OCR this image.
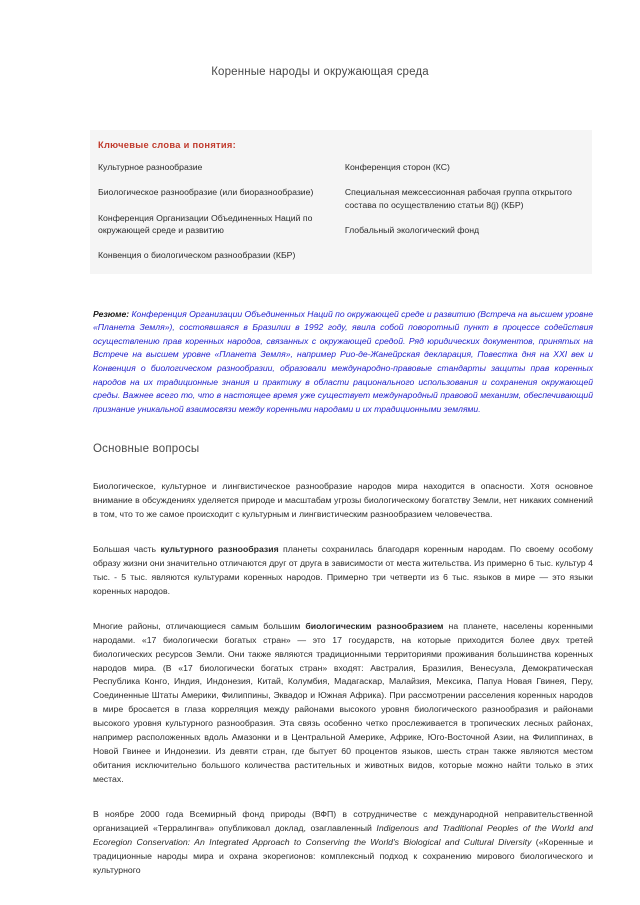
Коренные народы и окружающая среда
Ключевые слова и понятия:

Культурное разнообразие

Биологическое разнообразие (или биоразнообразие)

Конференция Организации Объединенных Наций по окружающей среде и развитию

Конвенция о биологическом разнообразии (КБР)

Конференция сторон (КС)

Специальная межсессионная рабочая группа открытого состава по осуществлению статьи 8(j) (КБР)

Глобальный экологический фонд

Резюме: Конференция Организации Объединенных Наций по окружающей среде и развитию (Встреча на высшем уровне «Планета Земля»), состоявшаяся в Бразилии в 1992 году, явила собой поворотный пункт в процессе содействия осуществлению прав коренных народов, связанных с окружающей средой. Ряд юридических документов, принятых на Встрече на высшем уровне «Планета Земля», например Рио-де-Жанейрская декларация, Повестка дня на XXI век и Конвенция о биологическом разнообразии, образовали международно-правовые стандарты защиты прав коренных народов на их традиционные знания и практику в области рационального использования и сохранения окружающей среды. Важнее всего то, что в настоящее время уже существует международный правовой механизм, обеспечивающий признание уникальной взаимосвязи между коренными народами и их традиционными землями.

Основные вопросы

Биологическое, культурное и лингвистическое разнообразие народов мира находится в опасности. Хотя основное внимание в обсуждениях уделяется природе и масштабам угрозы биологическому богатству Земли, нет никаких сомнений в том, что то же самое происходит с культурным и лингвистическим разнообразием человечества.

Большая часть культурного разнообразия планеты сохранилась благодаря коренным народам. По своему особому образу жизни они значительно отличаются друг от друга в зависимости от места жительства. Из примерно 6 тыс. культур 4 тыс. - 5 тыс. являются культурами коренных народов. Примерно три четверти из 6 тыс. языков в мире — это языки коренных народов.

Многие районы, отличающиеся самым большим биологическим разнообразием на планете, населены коренными народами. «17 биологически богатых стран» — это 17 государств, на которые приходится более двух третей биологических ресурсов Земли. Они также являются традиционными территориями проживания большинства коренных народов мира. (В «17 биологически богатых стран» входят: Австралия, Бразилия, Венесуэла, Демократическая Республика Конго, Индия, Индонезия, Китай, Колумбия, Мадагаскар, Малайзия, Мексика, Папуа Новая Гвинея, Перу, Соединенные Штаты Америки, Филиппины, Эквадор и Южная Африка). При рассмотрении расселения коренных народов в мире бросается в глаза корреляция между районами высокого уровня биологического разнообразия и районами высокого уровня культурного разнообразия. Эта связь особенно четко прослеживается в тропических лесных районах, например расположенных вдоль Амазонки и в Центральной Америке, Африке, Юго-Восточной Азии, на Филиппинах, в Новой Гвинее и Индонезии. Из девяти стран, где бытует 60 процентов языков, шесть стран также являются местом обитания исключительно большого количества растительных и животных видов, которые можно найти только в этих местах.

В ноябре 2000 года Всемирный фонд природы (ВФП) в сотрудничестве с международной неправительственной организацией «Терралингва» опубликовал доклад, озаглавленный Indigenous and Traditional Peoples of the World and Ecoregion Conservation: An Integrated Approach to Conserving the World's Biological and Cultural Diversity («Коренные и традиционные народы мира и охрана экорегионов: комплексный подход к сохранению мирового биологического и культурного
